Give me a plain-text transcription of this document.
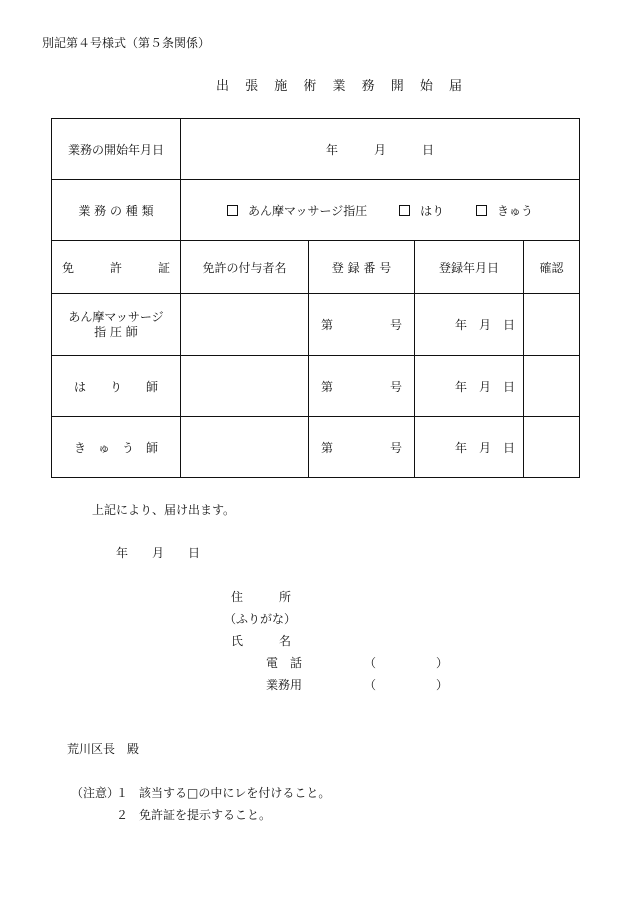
別記第４号様式（第５条関係）
出 張 施 術 業 務 開 始 届
業務の開始年月日	年　　　月　　　日			
業 務 の 種 類	あん摩マッサージ指圧 はり きゅう			
免　　　許　　　証	免許の付与者名	登 録 番 号	登録年月日	確認
あん摩マッサージ
指 圧 師		第 号	年　月　日	
は　　り　　師		第 号	年　月　日	
き　ゅ　う　師		第 号	年　月　日	
上記により、届け出ます。
年　　月　　日
住　　　所
（ふりがな）
氏　　　名
電　話	（　　　　　）
業務用	（　　　　　）
荒川区長　殿
（注意）
１ 該当する□の中にレを付けること。
２ 免許証を提示すること。
